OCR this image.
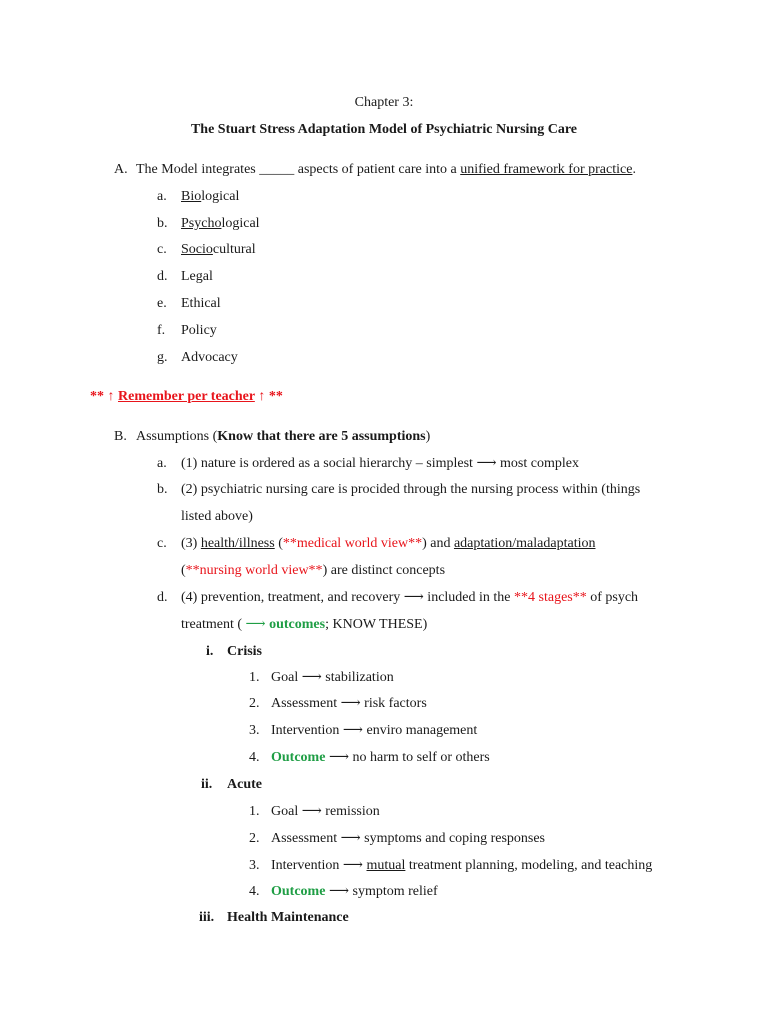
Chapter 3:
The Stuart Stress Adaptation Model of Psychiatric Nursing Care
A. The Model integrates _____ aspects of patient care into a unified framework for practice.
a. Biological
b. Psychological
c. Sociocultural
d. Legal
e. Ethical
f. Policy
g. Advocacy
** ↑ Remember per teacher ↑ **
B. Assumptions (Know that there are 5 assumptions)
a. (1) nature is ordered as a social hierarchy – simplest ⟶ most complex
b. (2) psychiatric nursing care is procided through the nursing process within (things
listed above)
c. (3) health/illness (**medical world view**) and adaptation/maladaptation
(**nursing world view**) are distinct concepts
d. (4) prevention, treatment, and recovery ⟶ included in the **4 stages** of psych
treatment ( ⟶ outcomes; KNOW THESE)
i. Crisis
1. Goal ⟶ stabilization
2. Assessment ⟶ risk factors
3. Intervention ⟶ enviro management
4. Outcome ⟶ no harm to self or others
ii. Acute
1. Goal ⟶ remission
2. Assessment ⟶ symptoms and coping responses
3. Intervention ⟶ mutual treatment planning, modeling, and teaching
4. Outcome ⟶ symptom relief
iii. Health Maintenance
